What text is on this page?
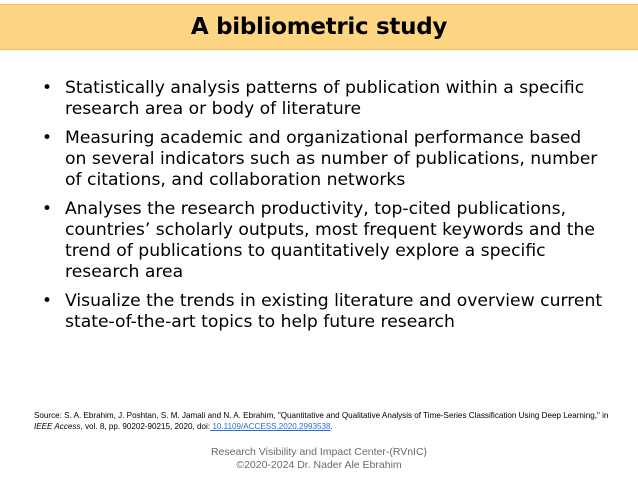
A bibliometric study
• Statistically analysis patterns of publication within a specific research area or body of literature
• Measuring academic and organizational performance based on several indicators such as number of publications, number of citations, and collaboration networks
• Analyses the research productivity, top-cited publications, countries’ scholarly outputs, most frequent keywords and the trend of publications to quantitatively explore a specific research area
• Visualize the trends in existing literature and overview current state-of-the-art topics to help future research
Source: S. A. Ebrahim, J. Poshtan, S. M. Jamali and N. A. Ebrahim, "Quantitative and Qualitative Analysis of Time-Series Classification Using Deep Learning," in IEEE Access, vol. 8, pp. 90202-90215, 2020, doi: 10.1109/ACCESS.2020.2993538.
Research Visibility and Impact Center-(RVnIC)
©2020-2024 Dr. Nader Ale Ebrahim
